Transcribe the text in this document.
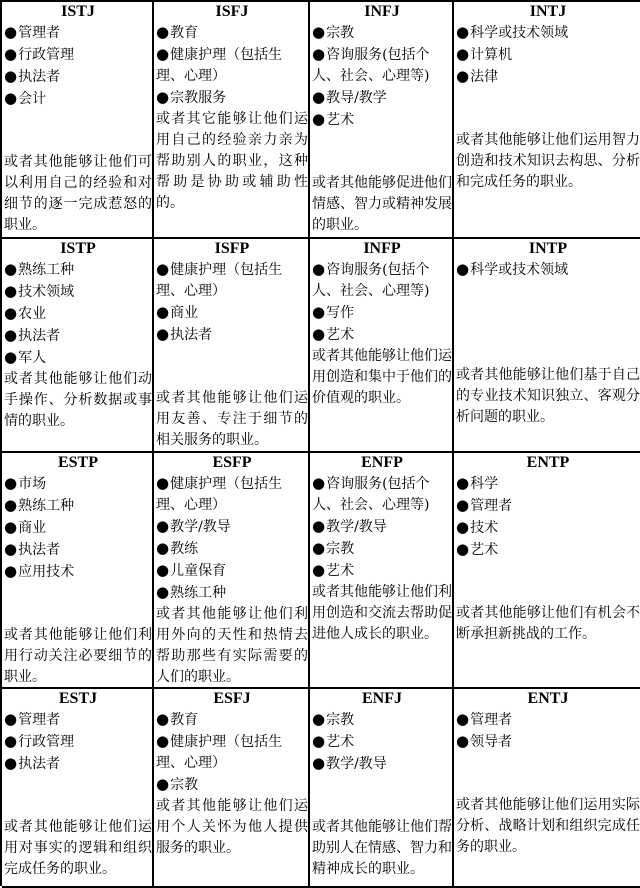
ISTJ
●管理者
●行政管理
●执法者
●会计

或者其他能够让他们可以利用自己的经验和对细节的逐一完成惹怒的职业。

ISFJ
●教育
●健康护理（包括生理、心理）
●宗教服务

或者其它能够让他们运用自己的经验亲力亲为帮助别人的职业，这种帮助是协助或辅助性的。

INFJ
●宗教
●咨询服务(包括个人、社会、心理等)
●教导/教学
●艺术

或者其他能够促进他们情感、智力或精神发展的职业。

INTJ
●科学或技术领域
●计算机
●法律

或者其他能够让他们运用智力创造和技术知识去构思、分析和完成任务的职业。

ISTP
●熟练工种
●技术领域
●农业
●执法者
●军人

或者其他能够让他们动手操作、分析数据或事情的职业。

ISFP
●健康护理（包括生理、心理）
●商业
●执法者

或者其他能够让他们运用友善、专注于细节的相关服务的职业。

INFP
●咨询服务(包括个人、社会、心理等)
●写作
●艺术

或者其他能够让他们运用创造和集中于他们的价值观的职业。

INTP
●科学或技术领域

或者其他能够让他们基于自己的专业技术知识独立、客观分析问题的职业。

ESTP
●市场
●熟练工种
●商业
●执法者
●应用技术

或者其他能够让他们利用行动关注必要细节的职业。

ESFP
●健康护理（包括生理、心理）
●教学/教导
●教练
●儿童保育
●熟练工种

或者其他能够让他们利用外向的天性和热情去帮助那些有实际需要的人们的职业。

ENFP
●咨询服务(包括个人、社会、心理等)
●教学/教导
●宗教
●艺术

或者其他能够让他们利用创造和交流去帮助促进他人成长的职业。

ENTP
●科学
●管理者
●技术
●艺术

或者其他能够让他们有机会不断承担新挑战的工作。

ESTJ
●管理者
●行政管理
●执法者

或者其他能够让他们运用对事实的逻辑和组织完成任务的职业。

ESFJ
●教育
●健康护理（包括生理、心理）
●宗教

或者其他能够让他们运用个人关怀为他人提供服务的职业。

ENFJ
●宗教
●艺术
●教学/教导

或者其他能够让他们帮助别人在情感、智力和精神成长的职业。

ENTJ
●管理者
●领导者

或者其他能够让他们运用实际分析、战略计划和组织完成任务的职业。
